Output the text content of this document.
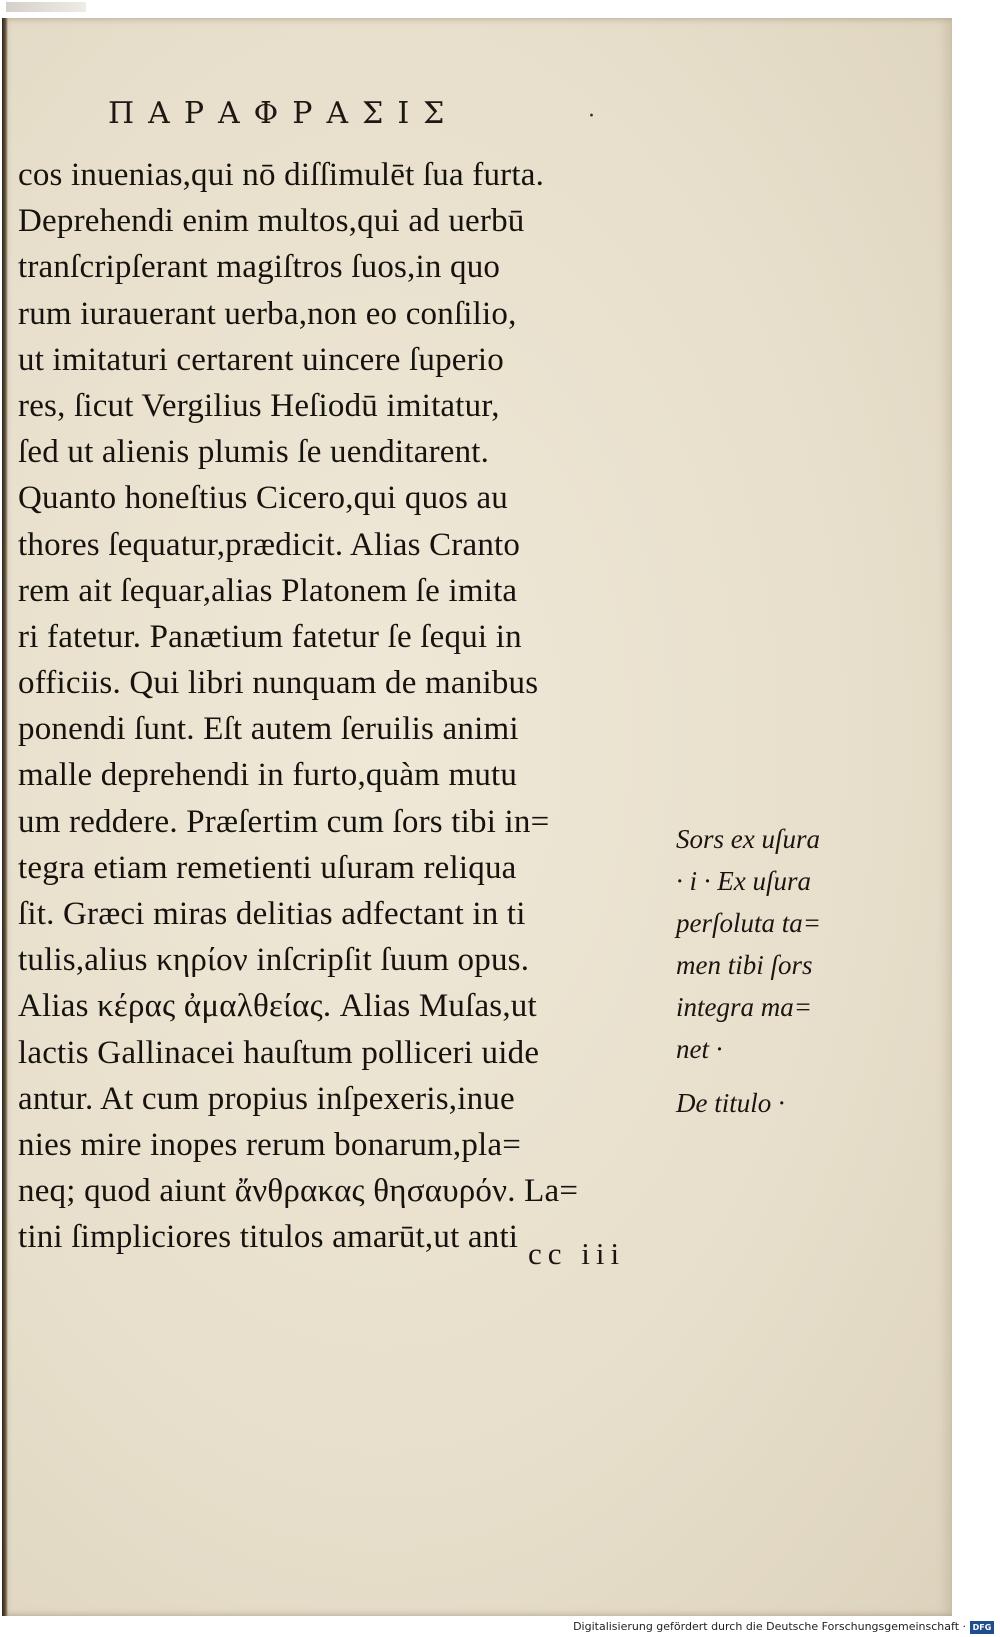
ΠΑΡΑΦΡΑΣΙΣ	·
cos inuenias,qui nō diſſimulēt ſua furta.
Deprehendi enim multos,qui ad uerbū
tranſcripſerant magiſtros ſuos,in quo
rum iurauerant uerba,non eo conſilio,
ut imitaturi certarent uincere ſuperio
res, ſicut Vergilius Heſiodū imitatur,
ſed ut alienis plumis ſe uenditarent.
Quanto honeſtius Cicero,qui quos au
thores ſequatur,prædicit. Alias Cranto
rem ait ſequar,alias Platonem ſe imita
ri fatetur. Panætium fatetur ſe ſequi in
officiis. Qui libri nunquam de manibus
ponendi ſunt. Eſt autem ſeruilis animi
malle deprehendi in furto,quàm mutu
um reddere. Præſertim cum ſors tibi in=
tegra etiam remetienti uſuram reliqua
ſit. Græci miras delitias adfectant in ti
tulis,alius κηρίον inſcripſit ſuum opus.
Alias κέρας ἀμαλθείας. Alias Muſas,ut
lactis Gallinacei hauſtum polliceri uide
antur. At cum propius inſpexeris,inue
nies mire inopes rerum bonarum,pla=
neq; quod aiunt ἄνθρακας θησαυρόν. La=
tini ſimpliciores titulos amarūt,ut anti
Sors ex uſura
· i · Ex uſura
perſoluta ta=
men tibi ſors
integra ma=
net ·
De titulo ·
cc iii
Digitalisierung gefördert durch die Deutsche Forschungsgemeinschaft · DFG
